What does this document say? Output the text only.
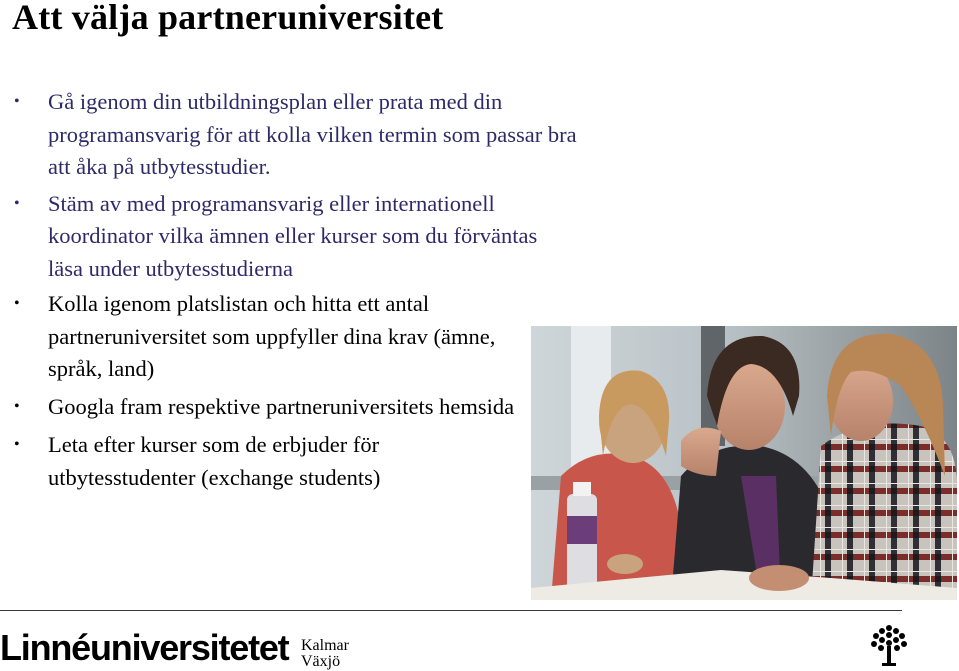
Att välja partneruniversitet
• Gå igenom din utbildningsplan eller prata med din programansvarig för att kolla vilken termin som passar bra att åka på utbytesstudier.
• Stäm av med programansvarig eller internationell koordinator vilka ämnen eller kurser som du förväntas läsa under utbytesstudierna
• Kolla igenom platslistan och hitta ett antal partneruniversitet som uppfyller dina krav (ämne, språk, land)
• Googla fram respektive partneruniversitets hemsida
• Leta efter kurser som de erbjuder för utbytesstudenter (exchange students)
Linnéuniversitetet Kalmar
Växjö
